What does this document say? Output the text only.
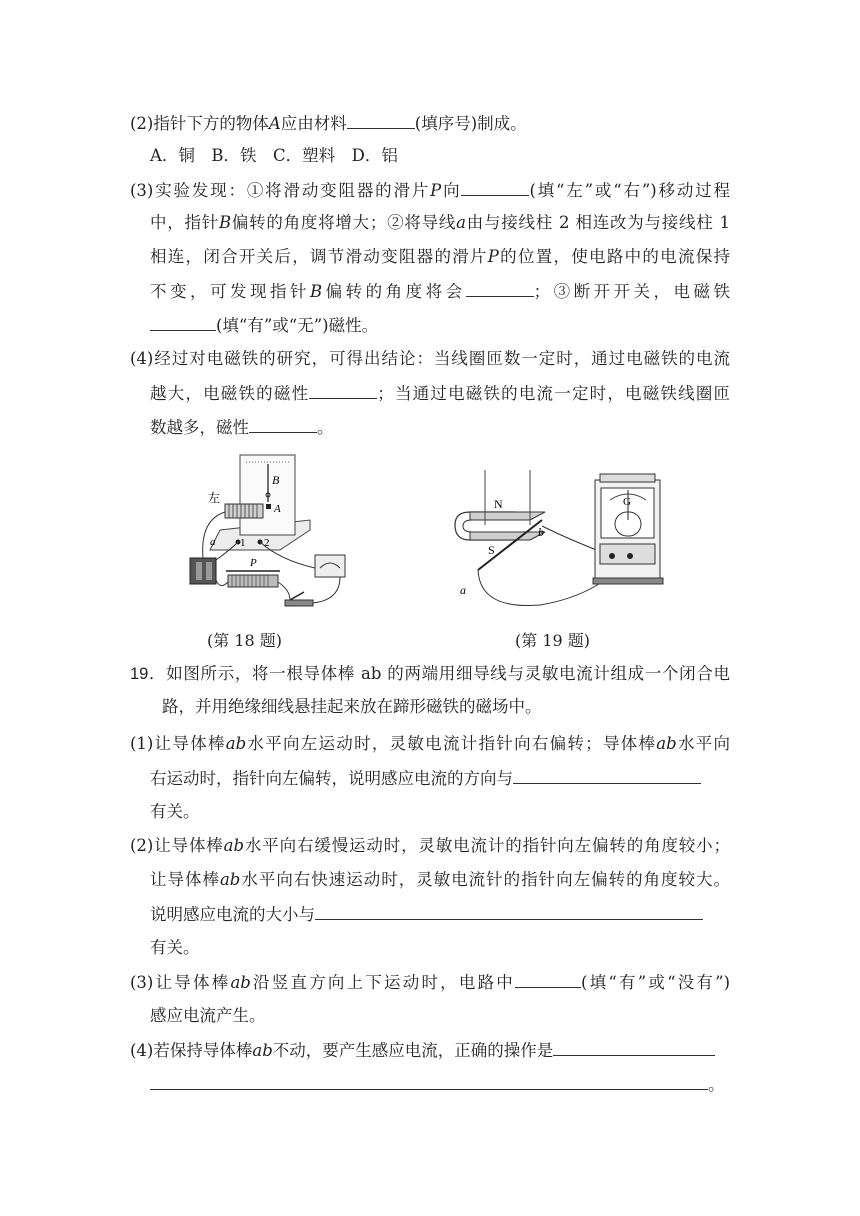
(2)指针下方的物体A应由材料	(填序号)制成。
A．铜　B．铁　C．塑料　D．铝
(3)实验发现：①将滑动变阻器的滑片P向	(填“左”或“右”)移动过程
中，指针B偏转的角度将增大；②将导线a由与接线柱 2 相连改为与接线柱 1
相连，闭合开关后，调节滑动变阻器的滑片P的位置，使电路中的电流保持
不变，可发现指针B偏转的角度将会	；③断开开关，电磁铁
(填“有”或“无”)磁性。
(4)经过对电磁铁的研究，可得出结论：当线圈匝数一定时，通过电磁铁的电流
越大，电磁铁的磁性	；当通过电磁铁的电流一定时，电磁铁线圈匝
数越多，磁性	。
B
A
左
1 2
a
P
(第 18 题)
N
S
a
b
G
(第 19 题)
19．如图所示，将一根导体棒 ab 的两端用细导线与灵敏电流计组成一个闭合电
路，并用绝缘细线悬挂起来放在蹄形磁铁的磁场中。
(1)让导体棒ab水平向左运动时，灵敏电流计指针向右偏转；导体棒ab水平向
右运动时，指针向左偏转，说明感应电流的方向与
有关。
(2)让导体棒ab水平向右缓慢运动时，灵敏电流计的指针向左偏转的角度较小；
让导体棒ab水平向右快速运动时，灵敏电流针的指针向左偏转的角度较大。
说明感应电流的大小与
有关。
(3)让导体棒ab沿竖直方向上下运动时，电路中	(填“有”或“没有”)
感应电流产生。
(4)若保持导体棒ab不动，要产生感应电流，正确的操作是
。
